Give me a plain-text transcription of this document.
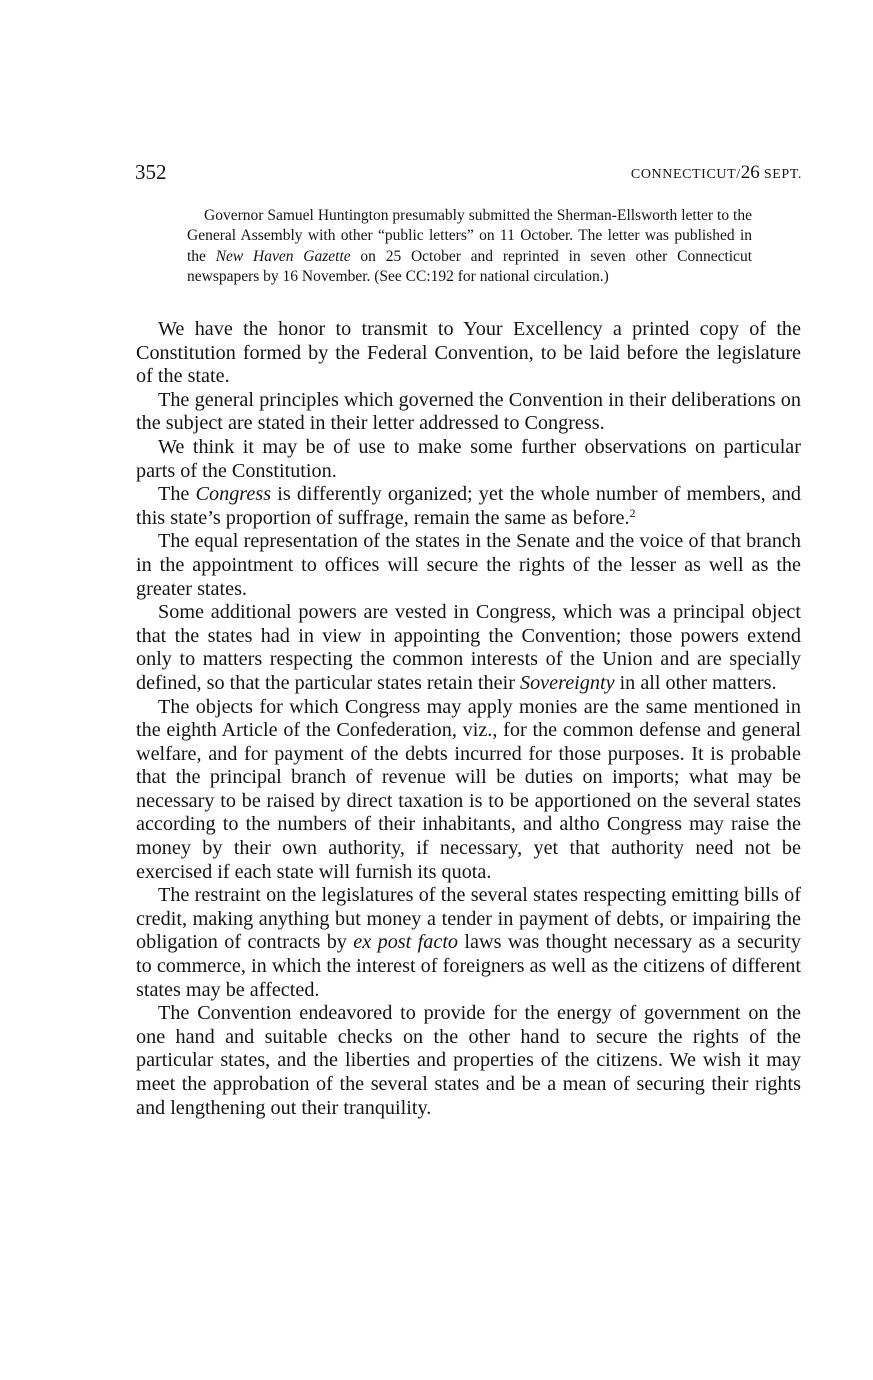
352	CONNECTICUT/26 SEPT.

Governor Samuel Huntington presumably submitted the Sherman-Ellsworth letter to the General Assembly with other “public letters” on 11 October. The letter was published in the New Haven Gazette on 25 October and reprinted in seven other Connecticut newspapers by 16 November. (See CC:192 for national circulation.)

We have the honor to transmit to Your Excellency a printed copy of the Constitution formed by the Federal Convention, to be laid before the legislature of the state.

The general principles which governed the Convention in their deliberations on the subject are stated in their letter addressed to Congress.

We think it may be of use to make some further observations on particular parts of the Constitution.

The Congress is differently organized; yet the whole number of members, and this state’s proportion of suffrage, remain the same as before.$^2$

The equal representation of the states in the Senate and the voice of that branch in the appointment to offices will secure the rights of the lesser as well as the greater states.

Some additional powers are vested in Congress, which was a principal object that the states had in view in appointing the Convention; those powers extend only to matters respecting the common interests of the Union and are specially defined, so that the particular states retain their Sovereignty in all other matters.

The objects for which Congress may apply monies are the same mentioned in the eighth Article of the Confederation, viz., for the common defense and general welfare, and for payment of the debts incurred for those purposes. It is probable that the principal branch of revenue will be duties on imports; what may be necessary to be raised by direct taxation is to be apportioned on the several states according to the numbers of their inhabitants, and altho Congress may raise the money by their own authority, if necessary, yet that authority need not be exercised if each state will furnish its quota.

The restraint on the legislatures of the several states respecting emitting bills of credit, making anything but money a tender in payment of debts, or impairing the obligation of contracts by ex post facto laws was thought necessary as a security to commerce, in which the interest of foreigners as well as the citizens of different states may be affected.

The Convention endeavored to provide for the energy of government on the one hand and suitable checks on the other hand to secure the rights of the particular states, and the liberties and properties of the citizens. We wish it may meet the approbation of the several states and be a mean of securing their rights and lengthening out their tranquility.
